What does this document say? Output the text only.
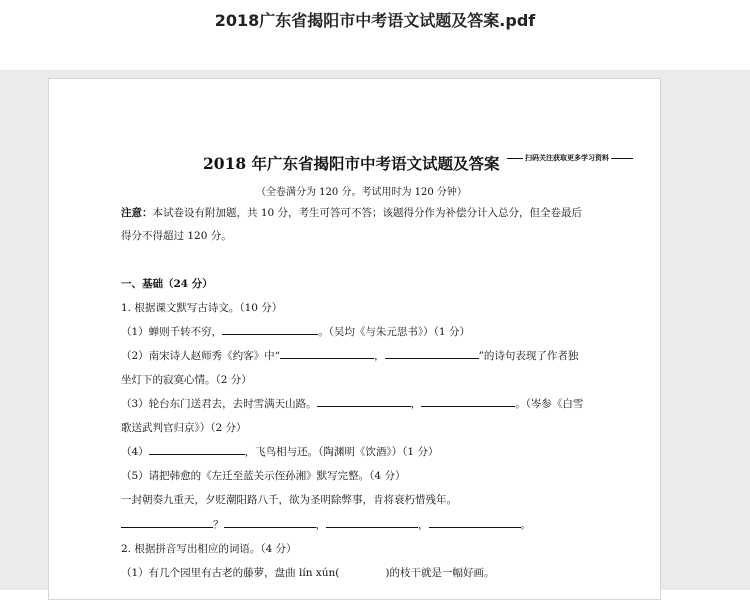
2018广东省揭阳市中考语文试题及答案.pdf
2018 年广东省揭阳市中考语文试题及答案	扫码关注获取更多学习资料
（全卷满分为 120 分。考试用时为 120 分钟）
注意：本试卷设有附加题，共 10 分，考生可答可不答；该题得分作为补偿分计入总分，但全卷最后
得分不得超过 120 分。
一、基础（24 分）
1. 根据课文默写古诗文。（10 分）
（1）蝉则千转不穷，	。（吴均《与朱元思书》）（1 分）
（2）南宋诗人赵师秀《约客》中“	，	”的诗句表现了作者独
坐灯下的寂寞心情。（2 分）
（3）轮台东门送君去，去时雪满天山路。	，	。（岑参《白雪
歌送武判官归京》）（2 分）
（4）	，飞鸟相与还。（陶渊明《饮酒》）（1 分）
（5）请把韩愈的《左迁至蓝关示侄孙湘》默写完整。（4 分）
一封朝奏九重天，夕贬潮阳路八千，欲为圣明除弊事，肯将衰朽惜残年。
？	，	，	。
2. 根据拼音写出相应的词语。（4 分）
（1）有几个园里有古老的藤萝，盘曲 lín xún(	)的枝干就是一幅好画。
